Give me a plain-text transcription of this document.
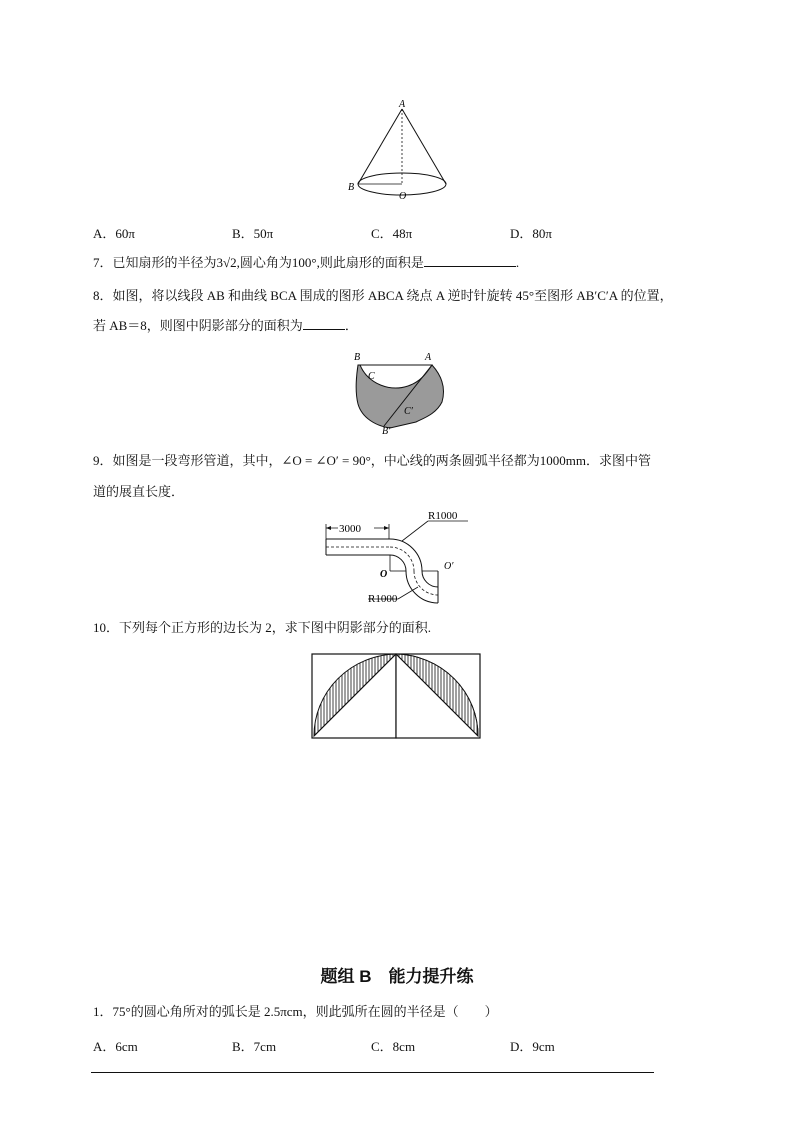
A
B
O
A．60π	B．50π	C．48π	D．80π
7．已知扇形的半径为3√2,圆心角为100°,则此扇形的面积是	.
8．如图，将以线段 AB 和曲线 BCA 围成的图形 ABCA 绕点 A 逆时针旋转 45°至图形 AB′C′A 的位置，
若 AB＝8，则图中阴影部分的面积为	．
B	A
C
C′
B′
9．如图是一段弯形管道，其中，∠O = ∠O′ = 90°，中心线的两条圆弧半径都为1000mm．求图中管
道的展直长度．
3000
R1000
R1000
O
O′
10．下列每个正方形的边长为 2，求下图中阴影部分的面积.
题组 B　能力提升练
1．75°的圆心角所对的弧长是 2.5πcm，则此弧所在圆的半径是（　　）
A．6cm	B．7cm	C．8cm	D．9cm
